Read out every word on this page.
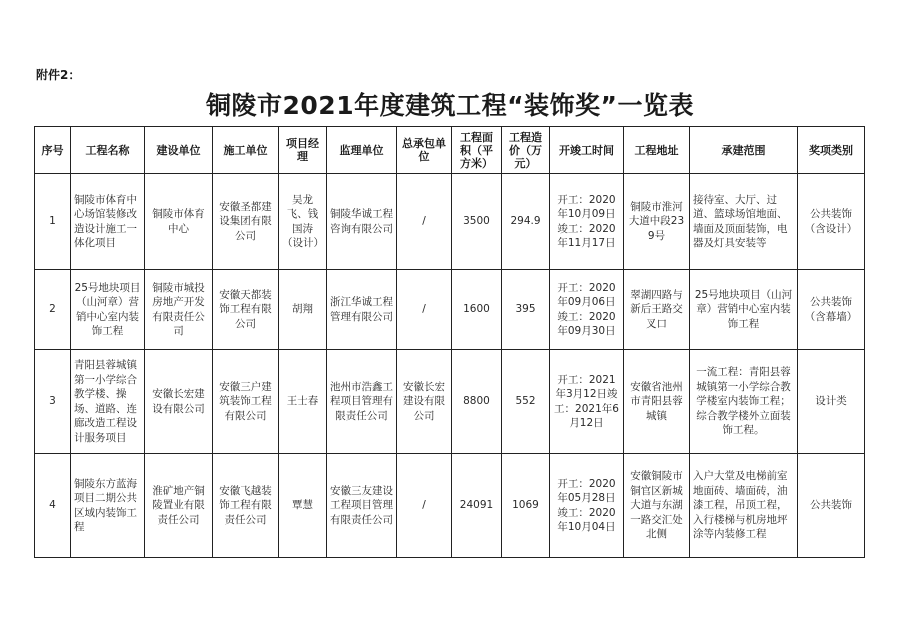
附件2：
铜陵市2021年度建筑工程“装饰奖”一览表
序号	工程名称	建设单位	施工单位	项目经理	监理单位	总承包单位	工程面积（平方米）	工程造价（万元）	开竣工时间	工程地址	承建范围	奖项类别
1	铜陵市体育中心场馆装修改造设计施工一体化项目	铜陵市体育中心	安徽圣都建设集团有限公司	吴龙飞、钱国涛（设计）	铜陵华诚工程咨询有限公司	/	3500	294.9	开工：2020年10月09日竣工：2020年11月17日	铜陵市淮河大道中段239号	接待室、大厅、过道、篮球场馆地面、墙面及顶面装饰，电器及灯具安装等	公共装饰（含设计）
2	25号地块项目（山河章）营销中心室内装饰工程	铜陵市城投房地产开发有限责任公司	安徽天都装饰工程有限公司	胡翔	浙江华诚工程管理有限公司	/	1600	395	开工：2020年09月06日竣工：2020年09月30日	翠湖四路与新后王路交叉口	25号地块项目（山河章）营销中心室内装饰工程	公共装饰（含幕墙）
3	青阳县蓉城镇第一小学综合教学楼、操场、道路、连廊改造工程设计服务项目	安徽长宏建设有限公司	安徽三户建筑装饰工程有限公司	王士春	池州市浩鑫工程项目管理有限责任公司	安徽长宏建设有限公司	8800	552	开工：2021年3月12日竣工：2021年6月12日	安徽省池州市青阳县蓉城镇	一流工程：青阳县蓉城镇第一小学综合教学楼室内装饰工程；综合教学楼外立面装饰工程。	设计类
4	铜陵东方蓝海项目二期公共区域内装饰工程	淮矿地产铜陵置业有限责任公司	安徽飞越装饰工程有限责任公司	覃慧	安徽三友建设工程项目管理有限责任公司	/	24091	1069	开工：2020年05月28日竣工：2020年10月04日	安徽铜陵市铜官区新城大道与东湖一路交汇处北侧	入户大堂及电梯前室地面砖、墙面砖，油漆工程，吊顶工程，入行楼梯与机房地坪涂等内装修工程	公共装饰
